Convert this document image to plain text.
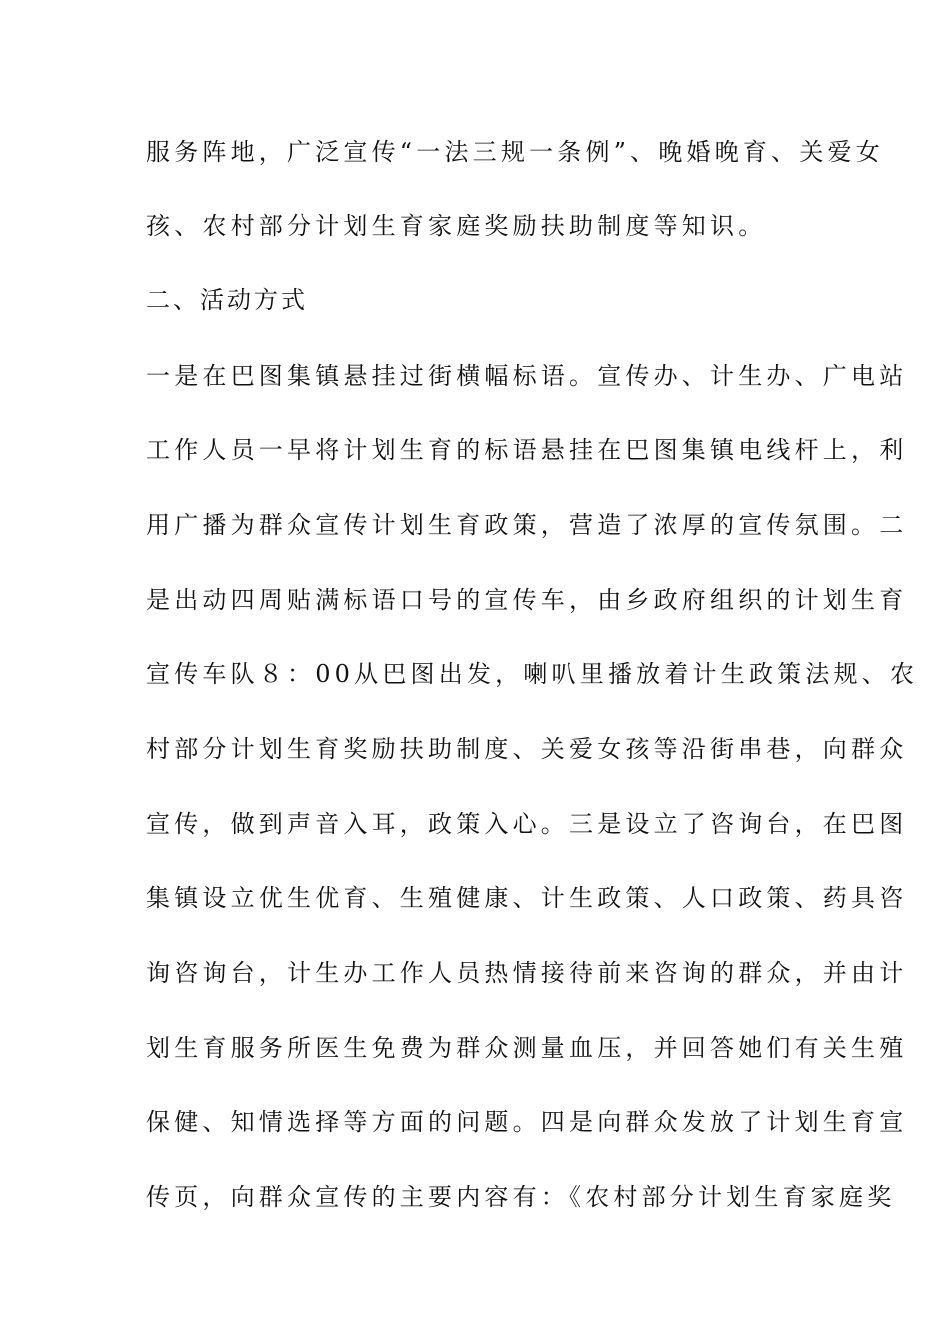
服务阵地，广泛宣传“一法三规一条例”、晚婚晚育、关爱女
孩、农村部分计划生育家庭奖励扶助制度等知识。
二、活动方式
一是在巴图集镇悬挂过街横幅标语。宣传办、计生办、广电站
工作人员一早将计划生育的标语悬挂在巴图集镇电线杆上，利
用广播为群众宣传计划生育政策，营造了浓厚的宣传氛围。二
是出动四周贴满标语口号的宣传车，由乡政府组织的计划生育
宣传车队８：00从巴图出发，喇叭里播放着计生政策法规、农
村部分计划生育奖励扶助制度、关爱女孩等沿街串巷，向群众
宣传，做到声音入耳，政策入心。三是设立了咨询台，在巴图
集镇设立优生优育、生殖健康、计生政策、人口政策、药具咨
询咨询台，计生办工作人员热情接待前来咨询的群众，并由计
划生育服务所医生免费为群众测量血压，并回答她们有关生殖
保健、知情选择等方面的问题。四是向群众发放了计划生育宣
传页，向群众宣传的主要内容有：《农村部分计划生育家庭奖
